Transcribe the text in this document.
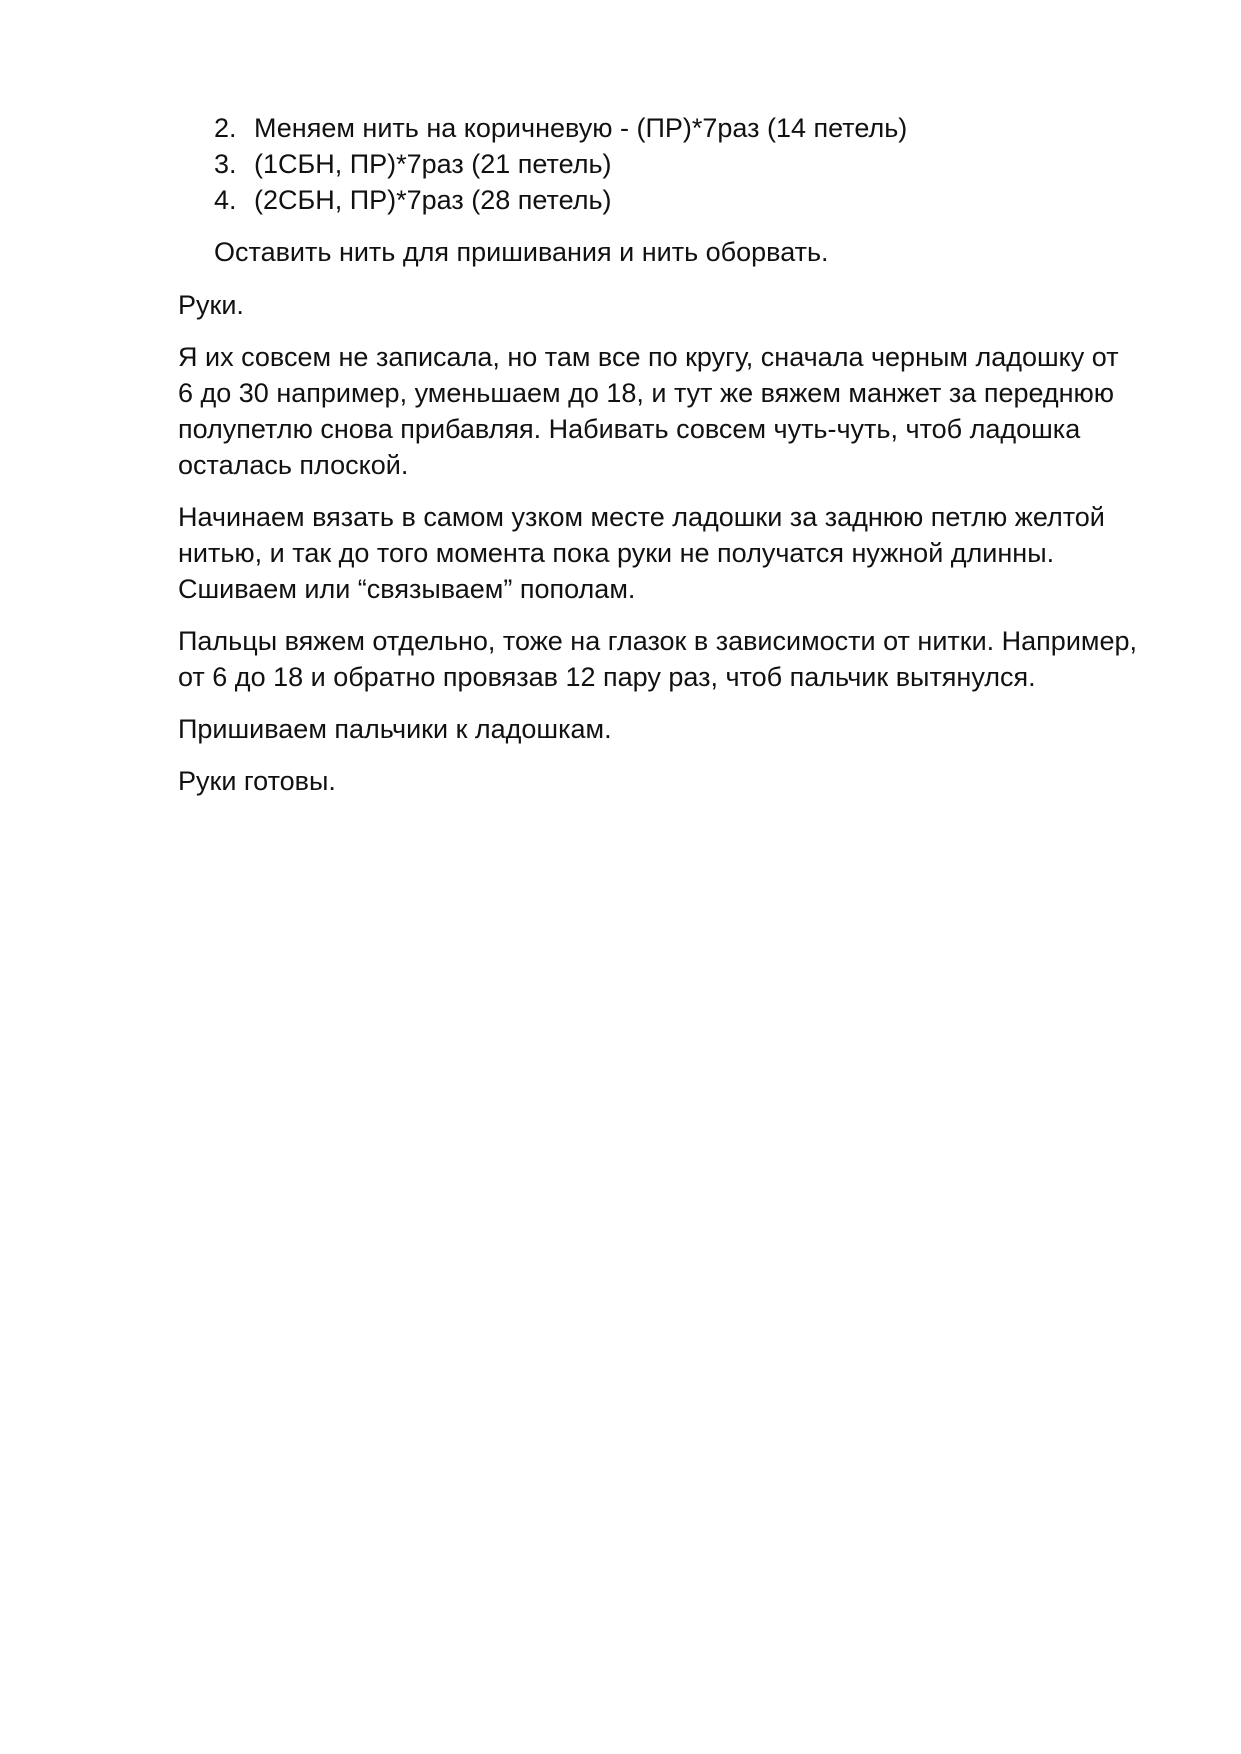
2. Меняем нить на коричневую - (ПР)*7раз (14 петель)
3. (1СБН, ПР)*7раз (21 петель)
4. (2СБН, ПР)*7раз (28 петель)

Оставить нить для пришивания и нить оборвать.

Руки.

Я их совсем не записала, но там все по кругу, сначала черным ладошку от 6 до 30 например, уменьшаем до 18, и тут же вяжем манжет за переднюю полупетлю снова прибавляя. Набивать совсем чуть-чуть, чтоб ладошка осталась плоской.

Начинаем вязать в самом узком месте ладошки за заднюю петлю желтой нитью, и так до того момента пока руки не получатся нужной длинны. Сшиваем или “связываем” пополам.

Пальцы вяжем отдельно, тоже на глазок в зависимости от нитки. Например, от 6 до 18 и обратно провязав 12 пару раз, чтоб пальчик вытянулся.

Пришиваем пальчики к ладошкам.

Руки готовы.
